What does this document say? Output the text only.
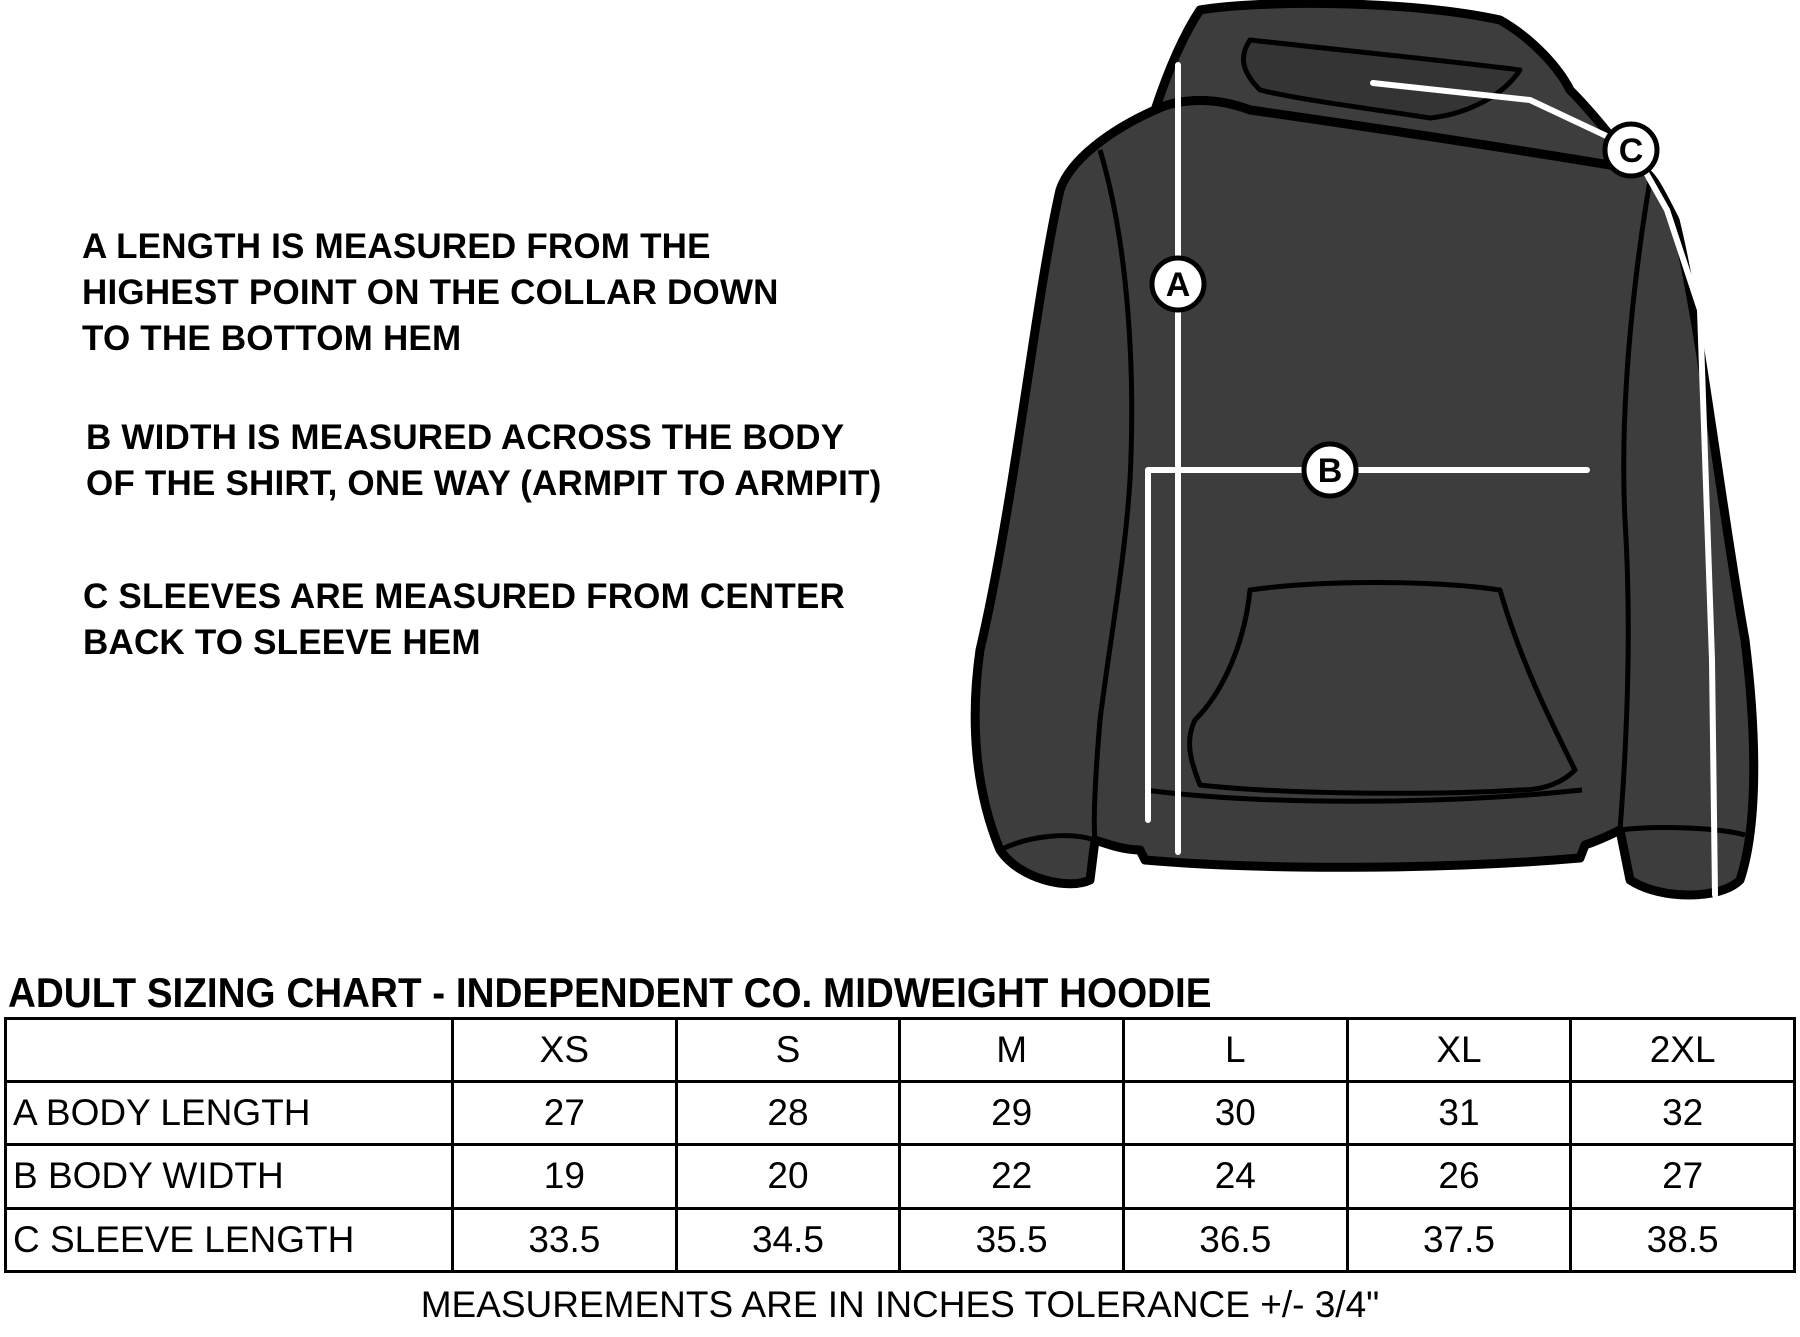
A LENGTH IS MEASURED FROM THE
HIGHEST POINT ON THE COLLAR DOWN
TO THE BOTTOM HEM

B WIDTH IS MEASURED ACROSS THE BODY
OF THE SHIRT, ONE WAY (ARMPIT TO ARMPIT)

C SLEEVES ARE MEASURED FROM CENTER
BACK TO SLEEVE HEM

A
B
C
ADULT SIZING CHART - INDEPENDENT CO. MIDWEIGHT HOODIE
	XS	S	M	L	XL	2XL
A BODY LENGTH	27	28	29	30	31	32
B BODY WIDTH	19	20	22	24	26	27
C SLEEVE LENGTH	33.5	34.5	35.5	36.5	37.5	38.5

MEASUREMENTS ARE IN INCHES TOLERANCE +/- 3/4"
